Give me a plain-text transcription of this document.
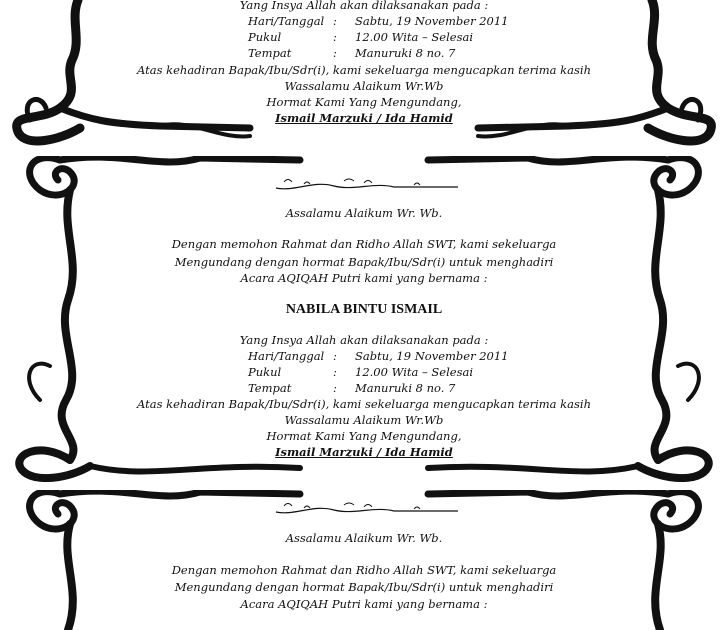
Yang Insya Allah akan dilaksanakan pada :
Hari/Tanggal : Sabtu, 19 November 2011
Pukul	: 12.00 Wita – Selesai
Tempat	: Manuruki 8 no. 7
Atas kehadiran Bapak/Ibu/Sdr(i), kami sekeluarga mengucapkan terima kasih
Wassalamu Alaikum Wr.Wb
Hormat Kami Yang Mengundang,
Ismail Marzuki / Ida Hamid
Assalamu Alaikum Wr. Wb.
Dengan memohon Rahmat dan Ridho Allah SWT, kami sekeluarga
Mengundang dengan hormat Bapak/Ibu/Sdr(i) untuk menghadiri
Acara AQIQAH Putri kami yang bernama :
NABILA BINTU ISMAIL
Yang Insya Allah akan dilaksanakan pada :
Hari/Tanggal : Sabtu, 19 November 2011
Pukul	: 12.00 Wita – Selesai
Tempat	: Manuruki 8 no. 7
Atas kehadiran Bapak/Ibu/Sdr(i), kami sekeluarga mengucapkan terima kasih
Wassalamu Alaikum Wr.Wb
Hormat Kami Yang Mengundang,
Ismail Marzuki / Ida Hamid
Assalamu Alaikum Wr. Wb.
Dengan memohon Rahmat dan Ridho Allah SWT, kami sekeluarga
Mengundang dengan hormat Bapak/Ibu/Sdr(i) untuk menghadiri
Acara AQIQAH Putri kami yang bernama :
